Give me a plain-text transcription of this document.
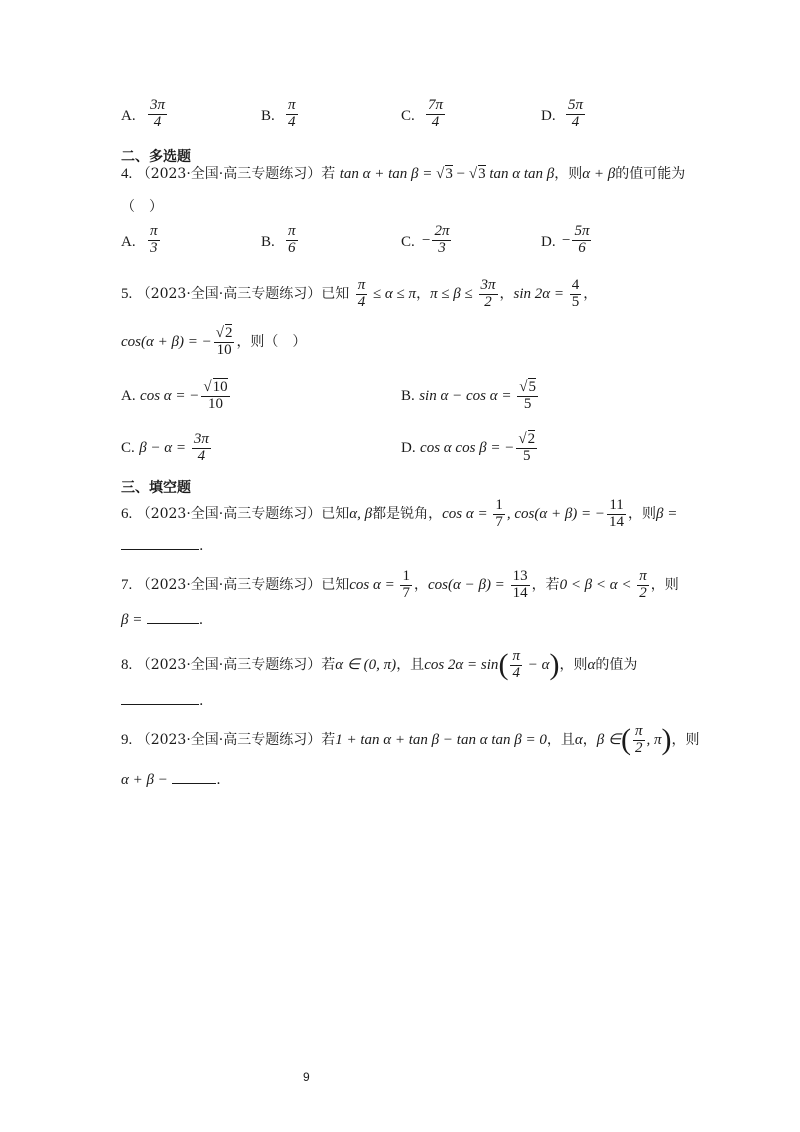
A. $\frac{3\pi}{4}$	B. $\frac{\pi}{4}$	C. $\frac{7\pi}{4}$	D. $\frac{5\pi}{4}$
二、多选题
4. （2023·全国·高三专题练习）若 tan α + tan β = √3 − √3 tan α tan β，则α + β的值可能为
（　）
A. $\frac{\pi}{3}$	B. $\frac{\pi}{6}$	C. − $\frac{2\pi}{3}$	D. − $\frac{5\pi}{6}$
5. （2023·全国·高三专题练习）已知 $\frac{\pi}{4} \le \alpha \le \pi$，$\pi \le \beta \le \frac{3\pi}{2}$ ，$\sin 2\alpha = \frac{4}{5}$ ，
cos(α + β) = − $\frac{√2}{10}$ ，则（　）
A. cos α = − $\frac{√10}{10}$	B. $\sin \alpha - \cos \alpha = \frac{√5}{5}$
C. $\beta - \alpha = \frac{3\pi}{4}$	D. cos α cos β = − $\frac{√2}{5}$
三、填空题
6. （2023·全国·高三专题练习）已知α, β都是锐角，$\cos \alpha = \frac{1}{7}$ , cos(α + β) = − $\frac{11}{14}$ ，则β =
.
7. （2023·全国·高三专题练习）已知$\cos \alpha = \frac{1}{7}$ ，$\cos(\alpha - \beta) = \frac{13}{14}$ ，若$0 < \beta < \alpha < \frac{\pi}{2}$ ，则
β =	.
8. （2023·全国·高三专题练习）若α ∈ (0, π)，且$\cos 2\alpha = \sin( \frac{\pi}{4} - \alpha)$，则α的值为
.
9. （2023·全国·高三专题练习）若1 + tan α + tan β − tan α tan β = 0，且α，β ∈( $\frac{\pi}{2}$ , π)，则
α + β −	.
9
